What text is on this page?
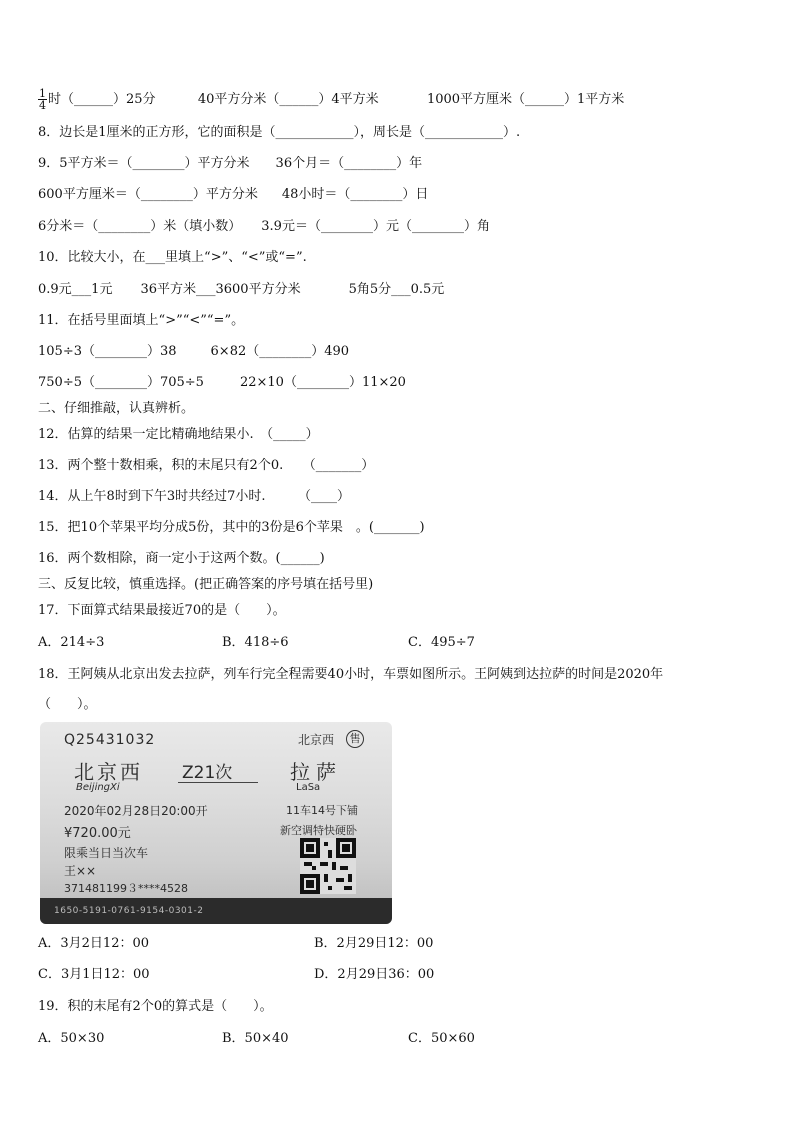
$\frac{1}{4}$ 时（______）25分	40平方分米（______）4平方米	1000平方厘米（______）1平方米
8．边长是1厘米的正方形，它的面积是（____________），周长是（____________）.
9．5平方米＝（________）平方分米 36个月＝（________）年
600平方厘米＝（________）平方分米 48小时＝（________）日
6分米＝（________）米（填小数） 3.9元＝（________）元（________）角
10．比较大小，在___里填上“>”、“<”或“=”.
0.9元___1元 36平方米___3600平方分米	5角5分___0.5元
11．在括号里面填上“>”“<”“=”。
105÷3（________）38	6×82（________）490
750÷5（________）705÷5	22×10（________）11×20
二、仔细推敲，认真辨析。
12．估算的结果一定比精确地结果小.　（_____）
13．两个整十数相乘，积的末尾只有2个0.　　（_______）
14．从上午8时到下午3时共经过7小时.　　　（____）
15．把10个苹果平均分成5份，其中的3份是6个苹果　。(_______)
16．两个数相除，商一定小于这两个数。(______)
三、反复比较，慎重选择。(把正确答案的序号填在括号里)
17．下面算式结果最接近70的是（　　）。
A．214÷3	B．418÷6	C．495÷7
18．王阿姨从北京出发去拉萨，列车行完全程需要40小时，车票如图所示。王阿姨到达拉萨的时间是2020年
（　　）。
Q25431032	北京西	售
北京西
BeijingXi
Z21次	拉萨
LaSa
2020年02月28日20:00开	11车14号下铺
¥720.00元	新空调特快硬卧
限乘当日当次车
王××
371481199３****4528
1650-5191-0761-9154-0301-2
A．3月2日12：00	B．2月29日12：00
C．3月1日12：00	D．2月29日36：00
19．积的末尾有2个0的算式是（　　）。
A．50×30	B．50×40	C．50×60
